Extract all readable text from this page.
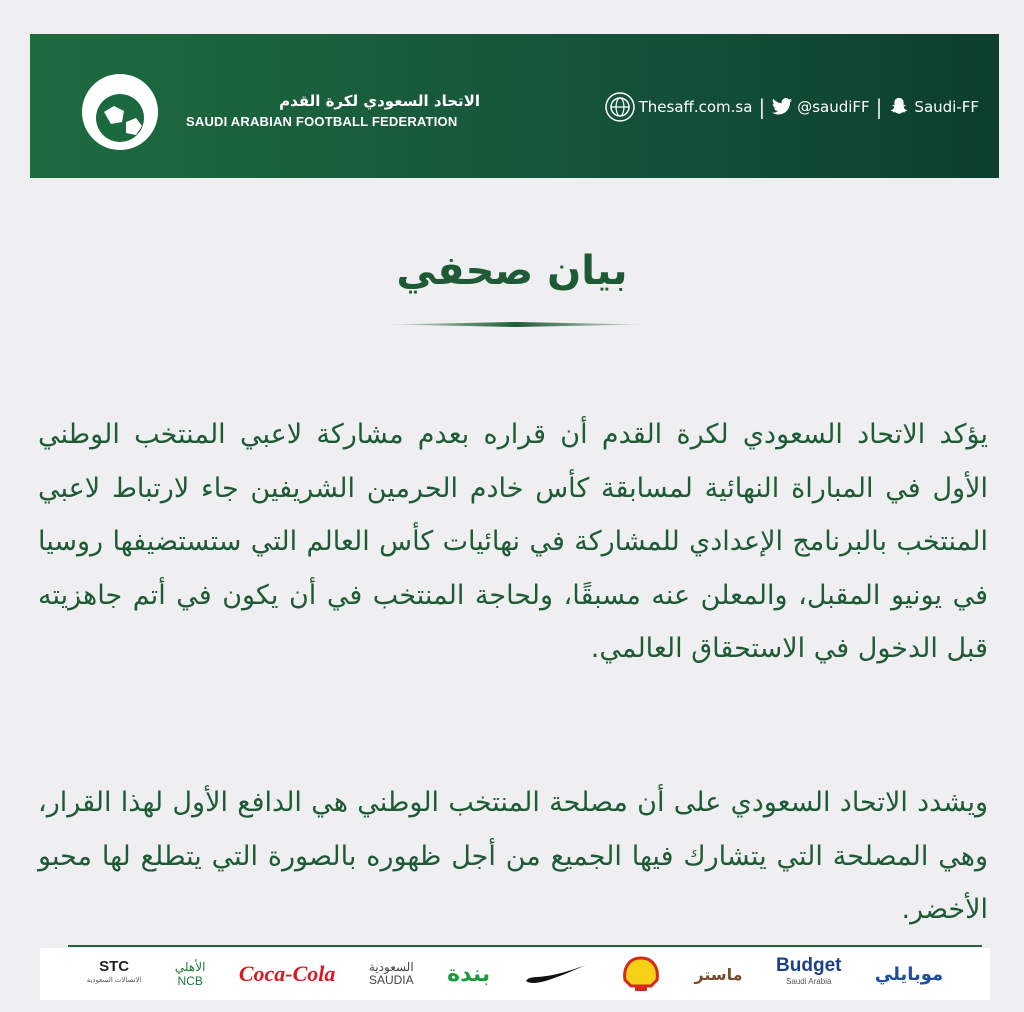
الاتحاد السعودي لكرة القدم
SAUDI ARABIAN FOOTBALL FEDERATION
Thesaff.com.sa | @saudiFF | Saudi-FF
بيان صحفي
يؤكد الاتحاد السعودي لكرة القدم أن قراره بعدم مشاركة لاعبي المنتخب الوطني الأول في المباراة النهائية لمسابقة كأس خادم الحرمين الشريفين جاء لارتباط لاعبي المنتخب بالبرنامج الإعدادي للمشاركة في نهائيات كأس العالم التي ستستضيفها روسيا في يونيو المقبل، والمعلن عنه مسبقًا، ولحاجة المنتخب في أن يكون في أتم جاهزيته قبل الدخول في الاستحقاق العالمي.
ويشدد الاتحاد السعودي على أن مصلحة المنتخب الوطني هي الدافع الأول لهذا القرار، وهي المصلحة التي يتشارك فيها الجميع من أجل ظهوره بالصورة التي يتطلع لها محبو الأخضر.
STC
الاتصالات السعودية
الأهلي
NCB Coca-Cola	السعودية
SAUDIA بندة	ماستر Budget
Saudi Arabia موبايلي
